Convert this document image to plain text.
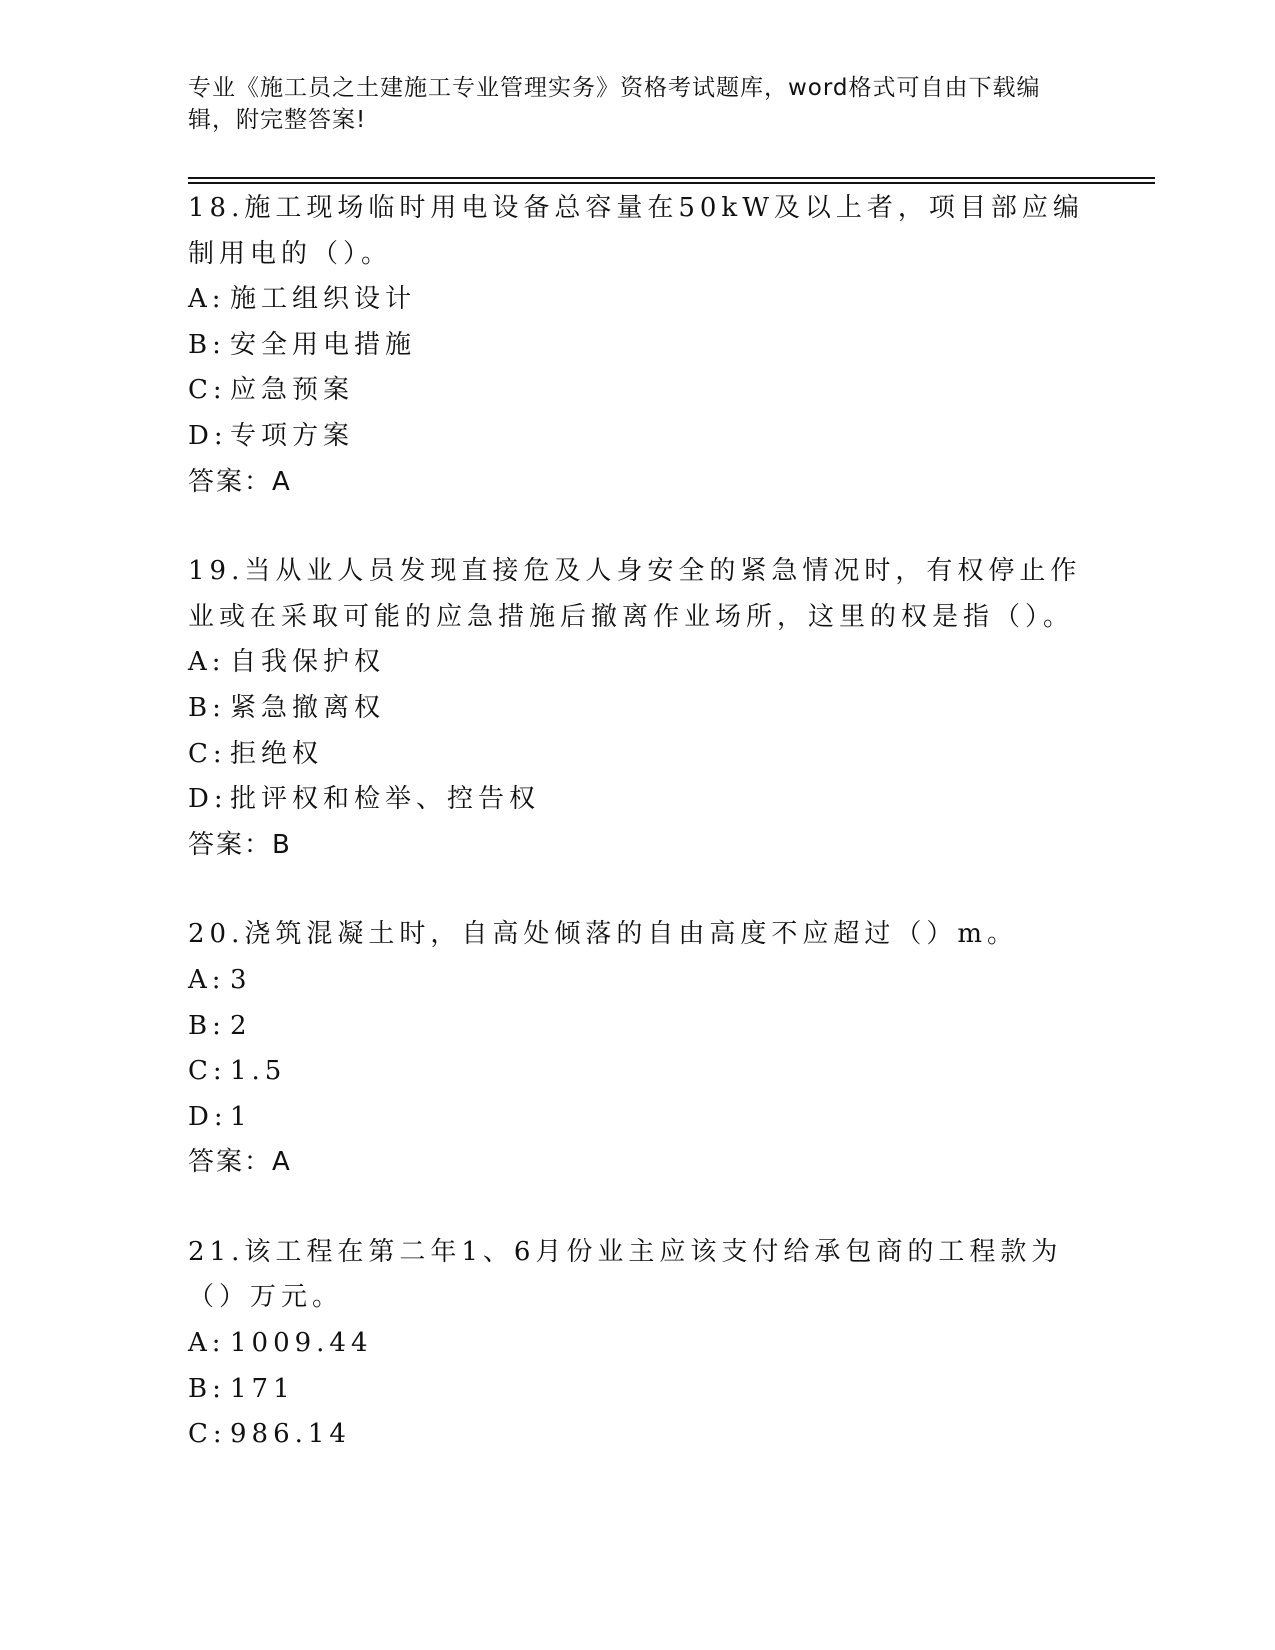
专业《施工员之土建施工专业管理实务》资格考试题库，word格式可自由下载编辑，附完整答案!
18.施工现场临时用电设备总容量在50kW及以上者，项目部应编制用电的（）。
A: 施工组织设计
B: 安全用电措施
C: 应急预案
D: 专项方案
答案：A
19.当从业人员发现直接危及人身安全的紧急情况时，有权停止作业或在采取可能的应急措施后撤离作业场所，这里的权是指（）。
A: 自我保护权
B: 紧急撤离权
C: 拒绝权
D: 批评权和检举、控告权
答案：B
20.浇筑混凝土时，自高处倾落的自由高度不应超过（）m。
A: 3
B: 2
C: 1.5
D: 1
答案：A
21.该工程在第二年1、6月份业主应该支付给承包商的工程款为（）万元。
A: 1009.44
B: 171
C: 986.14
